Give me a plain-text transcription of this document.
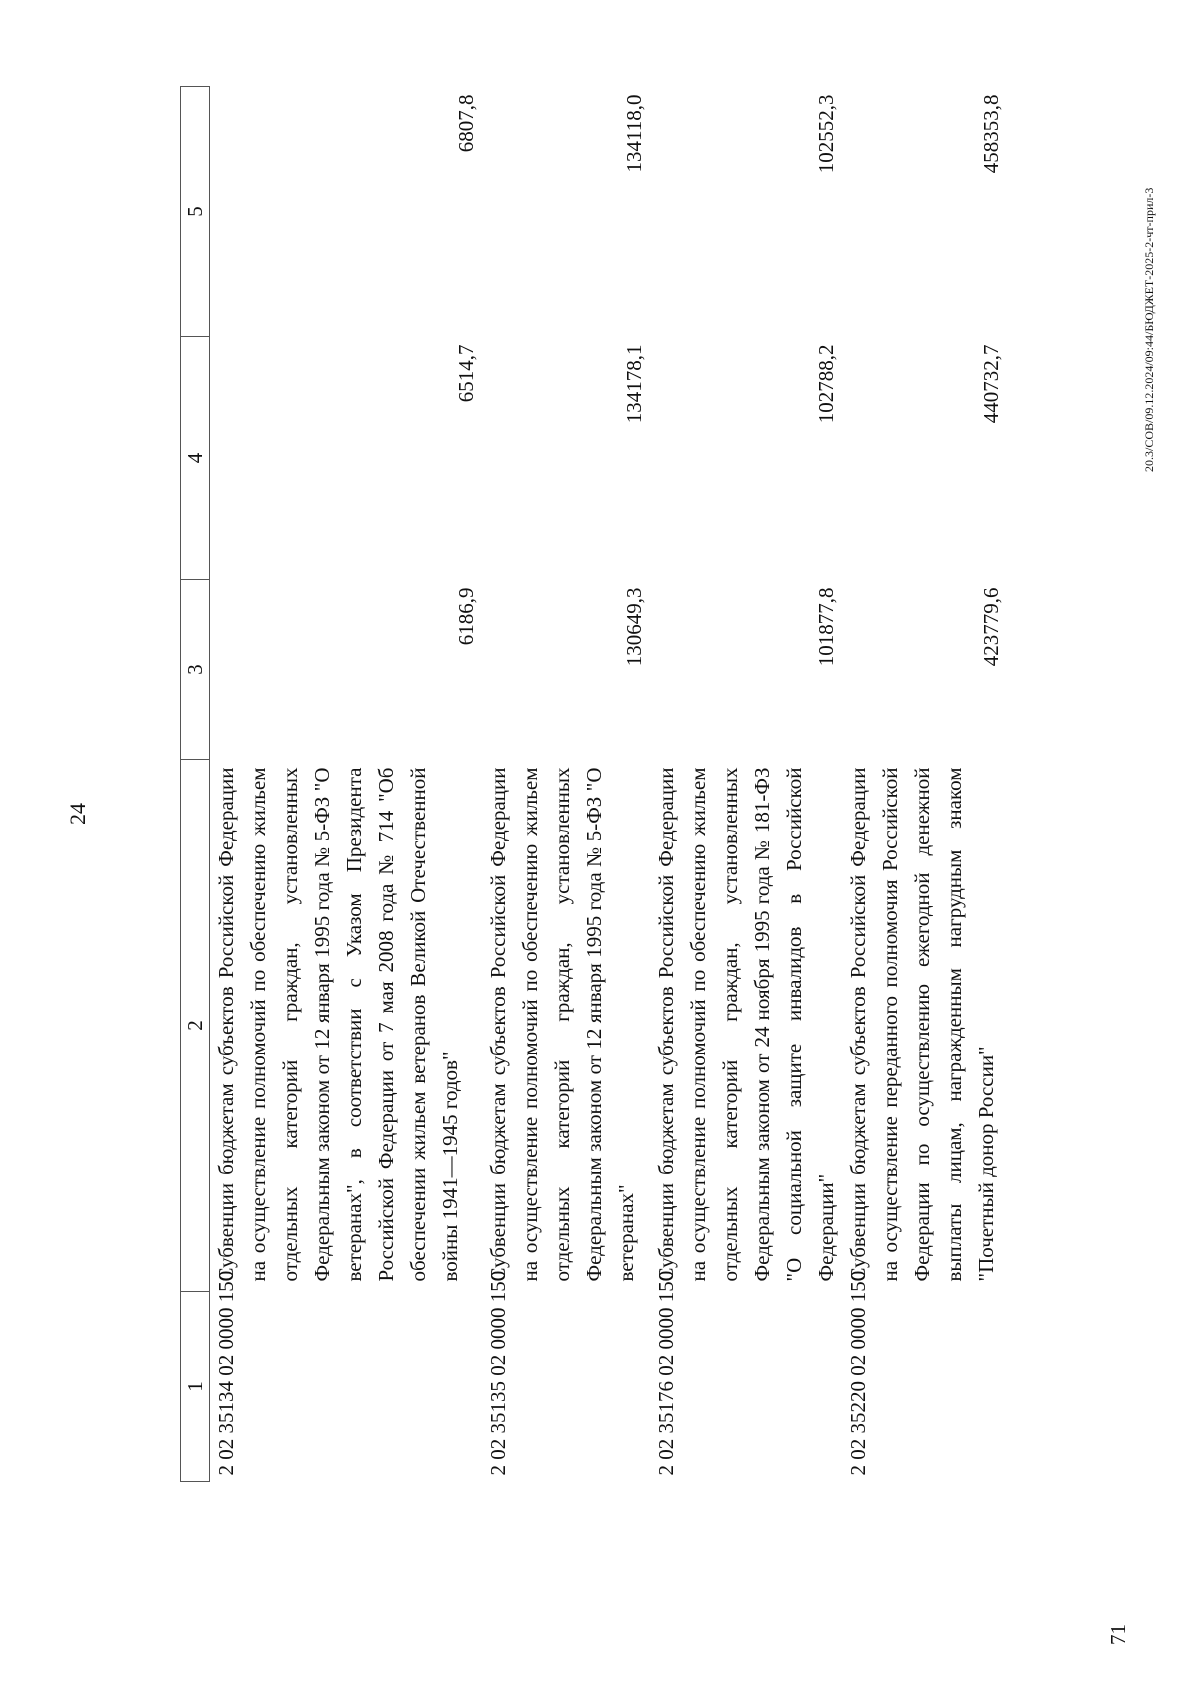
24
1	2	3	4	5
2 02 35134 02 0000 150	Субвенции бюджетам субъектов Российской Федерации на осуществление полномочий по обеспечению жильем отдельных категорий граждан, установленных Федеральным законом от 12 января 1995 года № 5-ФЗ "О ветеранах", в соответствии с Указом Президента Российской Федерации от 7 мая 2008 года № 714 "Об обеспечении жильем ветеранов Великой Отечественной войны 1941—1945 годов"	6186,9	6514,7	6807,8
2 02 35135 02 0000 150	Субвенции бюджетам субъектов Российской Федерации на осуществление полномочий по обеспечению жильем отдельных категорий граждан, установленных Федеральным законом от 12 января 1995 года № 5-ФЗ "О ветеранах"	130649,3	134178,1	134118,0
2 02 35176 02 0000 150	Субвенции бюджетам субъектов Российской Федерации на осуществление полномочий по обеспечению жильем отдельных категорий граждан, установленных Федеральным законом от 24 ноября 1995 года № 181-ФЗ "О социальной защите инвалидов в Российской Федерации"	101877,8	102788,2	102552,3
2 02 35220 02 0000 150	Субвенции бюджетам субъектов Российской Федерации на осуществление переданного полномочия Российской Федерации по осуществлению ежегодной денежной выплаты лицам, награжденным нагрудным знаком "Почетный донор России"	423779,6	440732,7	458353,8
71
20.3/СОВ/09.12.2024/09:44/БЮДЖЕТ-2025-2-чт-прил-3
